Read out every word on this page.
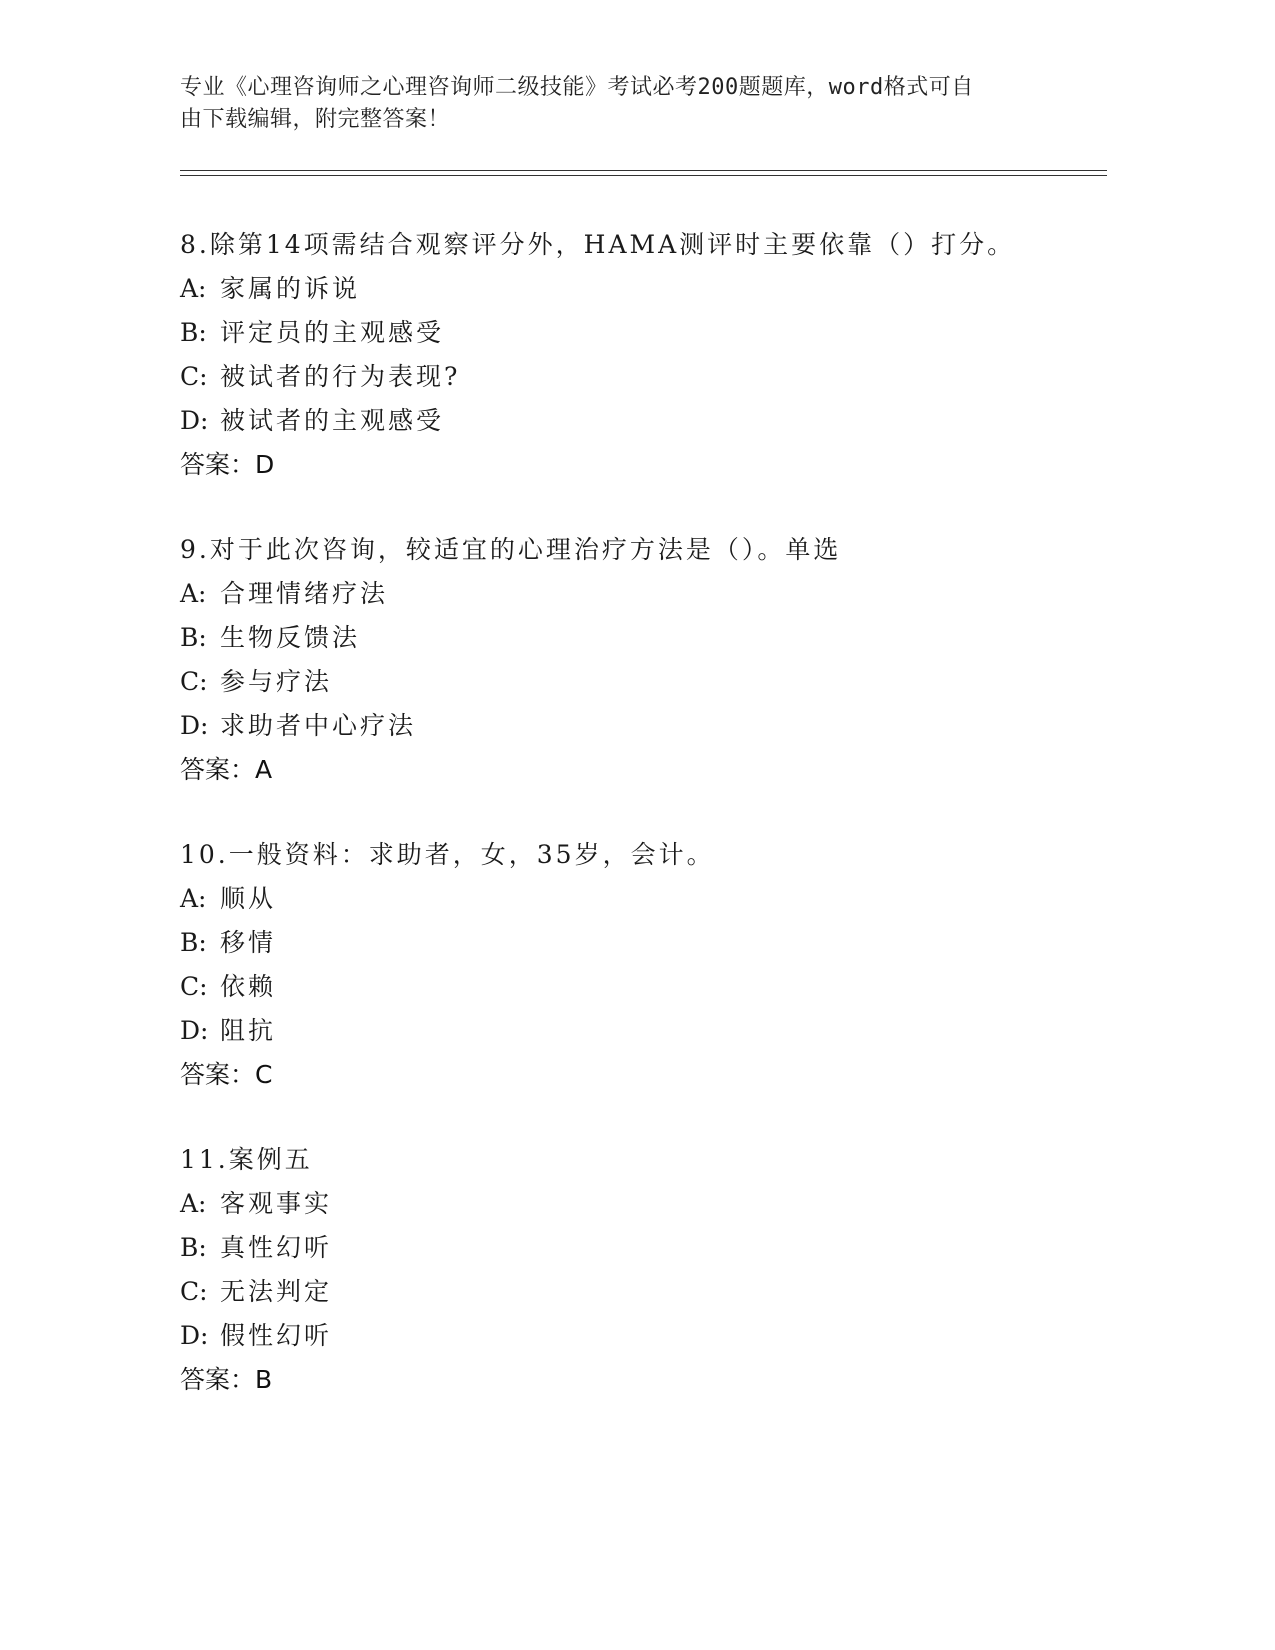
专业《心理咨询师之心理咨询师二级技能》考试必考200题题库，word格式可自
由下载编辑，附完整答案！
8.除第14项需结合观察评分外，HAMA测评时主要依靠（）打分。
A: 家属的诉说
B: 评定员的主观感受
C: 被试者的行为表现?
D: 被试者的主观感受
答案：D
9.对于此次咨询，较适宜的心理治疗方法是（）。单选
A: 合理情绪疗法
B: 生物反馈法
C: 参与疗法
D: 求助者中心疗法
答案：A
10.一般资料：求助者，女，35岁，会计。
A: 顺从
B: 移情
C: 依赖
D: 阻抗
答案：C
11.案例五
A: 客观事实
B: 真性幻听
C: 无法判定
D: 假性幻听
答案：B
